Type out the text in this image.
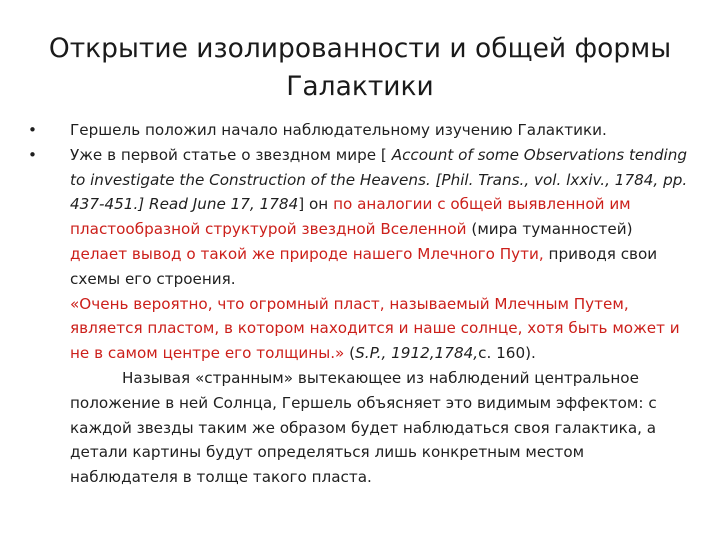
Открытие изолированности и общей формы
Галактики
•	Гершель положил начало наблюдательному изучению Галактики.
•	Уже в первой статье о звездном мире [ Account of some Observations tending to investigate the Construction of the Heavens. [Phil. Trans., vol. lxxiv., 1784, pp. 437-451.] Read June 17, 1784] он по аналогии с общей выявленной им пластообразной структурой звездной Вселенной (мира туманностей) делает вывод о такой же природе нашего Млечного Пути, приводя свои схемы его строения.
«Очень вероятно, что огромный пласт, называемый Млечным Путем, является пластом, в котором находится и наше солнце, хотя быть может и не в самом центре его толщины.» (S.P., 1912,1784,с. 160).
Называя «странным» вытекающее из наблюдений центральное положение в ней Солнца, Гершель объясняет это видимым эффектом: с каждой звезды таким же образом будет наблюдаться своя галактика, а детали картины будут определяться лишь конкретным местом наблюдателя в толще такого пласта.
